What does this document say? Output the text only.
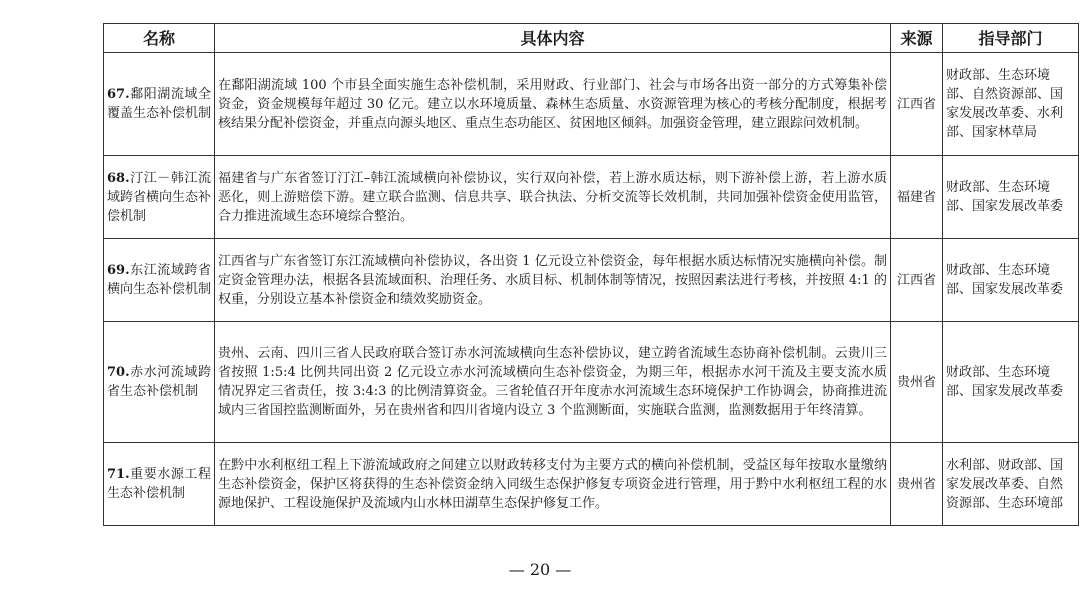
名称	具体内容	来源	指导部门
67.鄱阳湖流域全覆盖生态补偿机制	在鄱阳湖流域 100 个市县全面实施生态补偿机制，采用财政、行业部门、社会与市场各出资一部分的方式筹集补偿资金，资金规模每年超过 30 亿元。建立以水环境质量、森林生态质量、水资源管理为核心的考核分配制度，根据考核结果分配补偿资金，并重点向源头地区、重点生态功能区、贫困地区倾斜。加强资金管理，建立跟踪问效机制。	江西省	财政部、生态环境部、自然资源部、国家发展改革委、水利部、国家林草局
68.汀江－韩江流域跨省横向生态补偿机制	福建省与广东省签订汀江–韩江流域横向补偿协议，实行双向补偿，若上游水质达标，则下游补偿上游，若上游水质恶化，则上游赔偿下游。建立联合监测、信息共享、联合执法、分析交流等长效机制，共同加强补偿资金使用监管，合力推进流域生态环境综合整治。	福建省	财政部、生态环境部、国家发展改革委
69.东江流域跨省横向生态补偿机制	江西省与广东省签订东江流域横向补偿协议，各出资 1 亿元设立补偿资金，每年根据水质达标情况实施横向补偿。制定资金管理办法，根据各县流域面积、治理任务、水质目标、机制体制等情况，按照因素法进行考核，并按照 4:1 的权重，分别设立基本补偿资金和绩效奖励资金。	江西省	财政部、生态环境部、国家发展改革委
70.赤水河流域跨省生态补偿机制	贵州、云南、四川三省人民政府联合签订赤水河流域横向生态补偿协议，建立跨省流域生态协商补偿机制。云贵川三省按照 1:5:4 比例共同出资 2 亿元设立赤水河流域横向生态补偿资金，为期三年，根据赤水河干流及主要支流水质情况界定三省责任，按 3:4:3 的比例清算资金。三省轮值召开年度赤水河流域生态环境保护工作协调会，协商推进流域内三省国控监测断面外，另在贵州省和四川省境内设立 3 个监测断面，实施联合监测，监测数据用于年终清算。	贵州省	财政部、生态环境部、国家发展改革委
71.重要水源工程生态补偿机制	在黔中水利枢纽工程上下游流域政府之间建立以财政转移支付为主要方式的横向补偿机制，受益区每年按取水量缴纳生态补偿资金，保护区将获得的生态补偿资金纳入同级生态保护修复专项资金进行管理，用于黔中水利枢纽工程的水源地保护、工程设施保护及流域内山水林田湖草生态保护修复工作。	贵州省	水利部、财政部、国家发展改革委、自然资源部、生态环境部
— 20 —
